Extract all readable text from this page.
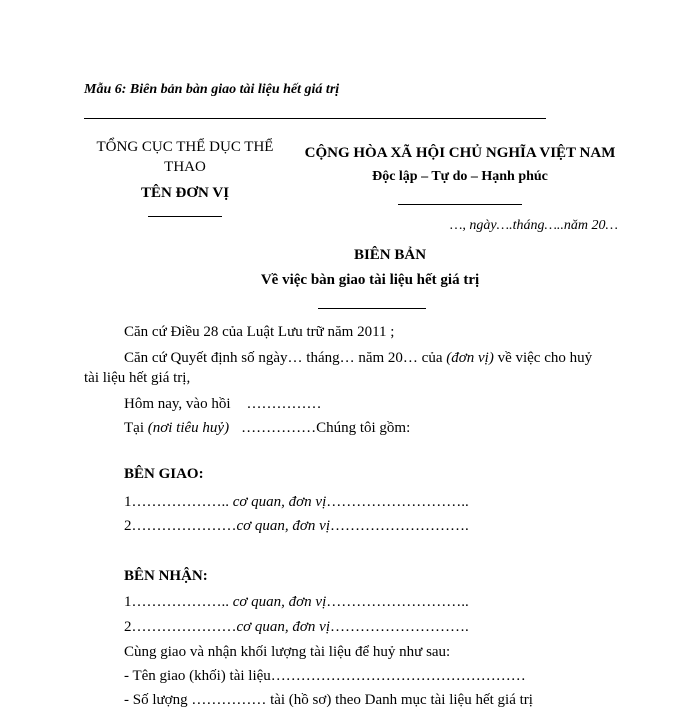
Mẫu 6: Biên bản bàn giao tài liệu hết giá trị
TỔNG CỤC THỂ DỤC THỂ THAO
TÊN ĐƠN VỊ
CỘNG HÒA XÃ HỘI CHỦ NGHĨA VIỆT NAM
Độc lập – Tự do – Hạnh phúc
…, ngày….tháng…..năm 20…
BIÊN BẢN
Về việc bàn giao tài liệu hết giá trị
Căn cứ Điều 28 của Luật Lưu trữ năm 2011 ;
Căn cứ Quyết định số ngày… tháng… năm 20… của (đơn vị) về việc cho huỷ
tài liệu hết giá trị,
Hôm nay, vào hồi ……………
Tại (nơi tiêu huỷ) ……………Chúng tôi gồm:
BÊN GIAO:
1……………….. cơ quan, đơn vị………………………..
2…………………cơ quan, đơn vị……………………….
BÊN NHẬN:
1……………….. cơ quan, đơn vị………………………..
2…………………cơ quan, đơn vị……………………….
Cùng giao và nhận khối lượng tài liệu để huỷ như sau:
- Tên giao (khối) tài liệu……………………………………………
- Số lượng …………… tài (hồ sơ) theo Danh mục tài liệu hết giá trị
